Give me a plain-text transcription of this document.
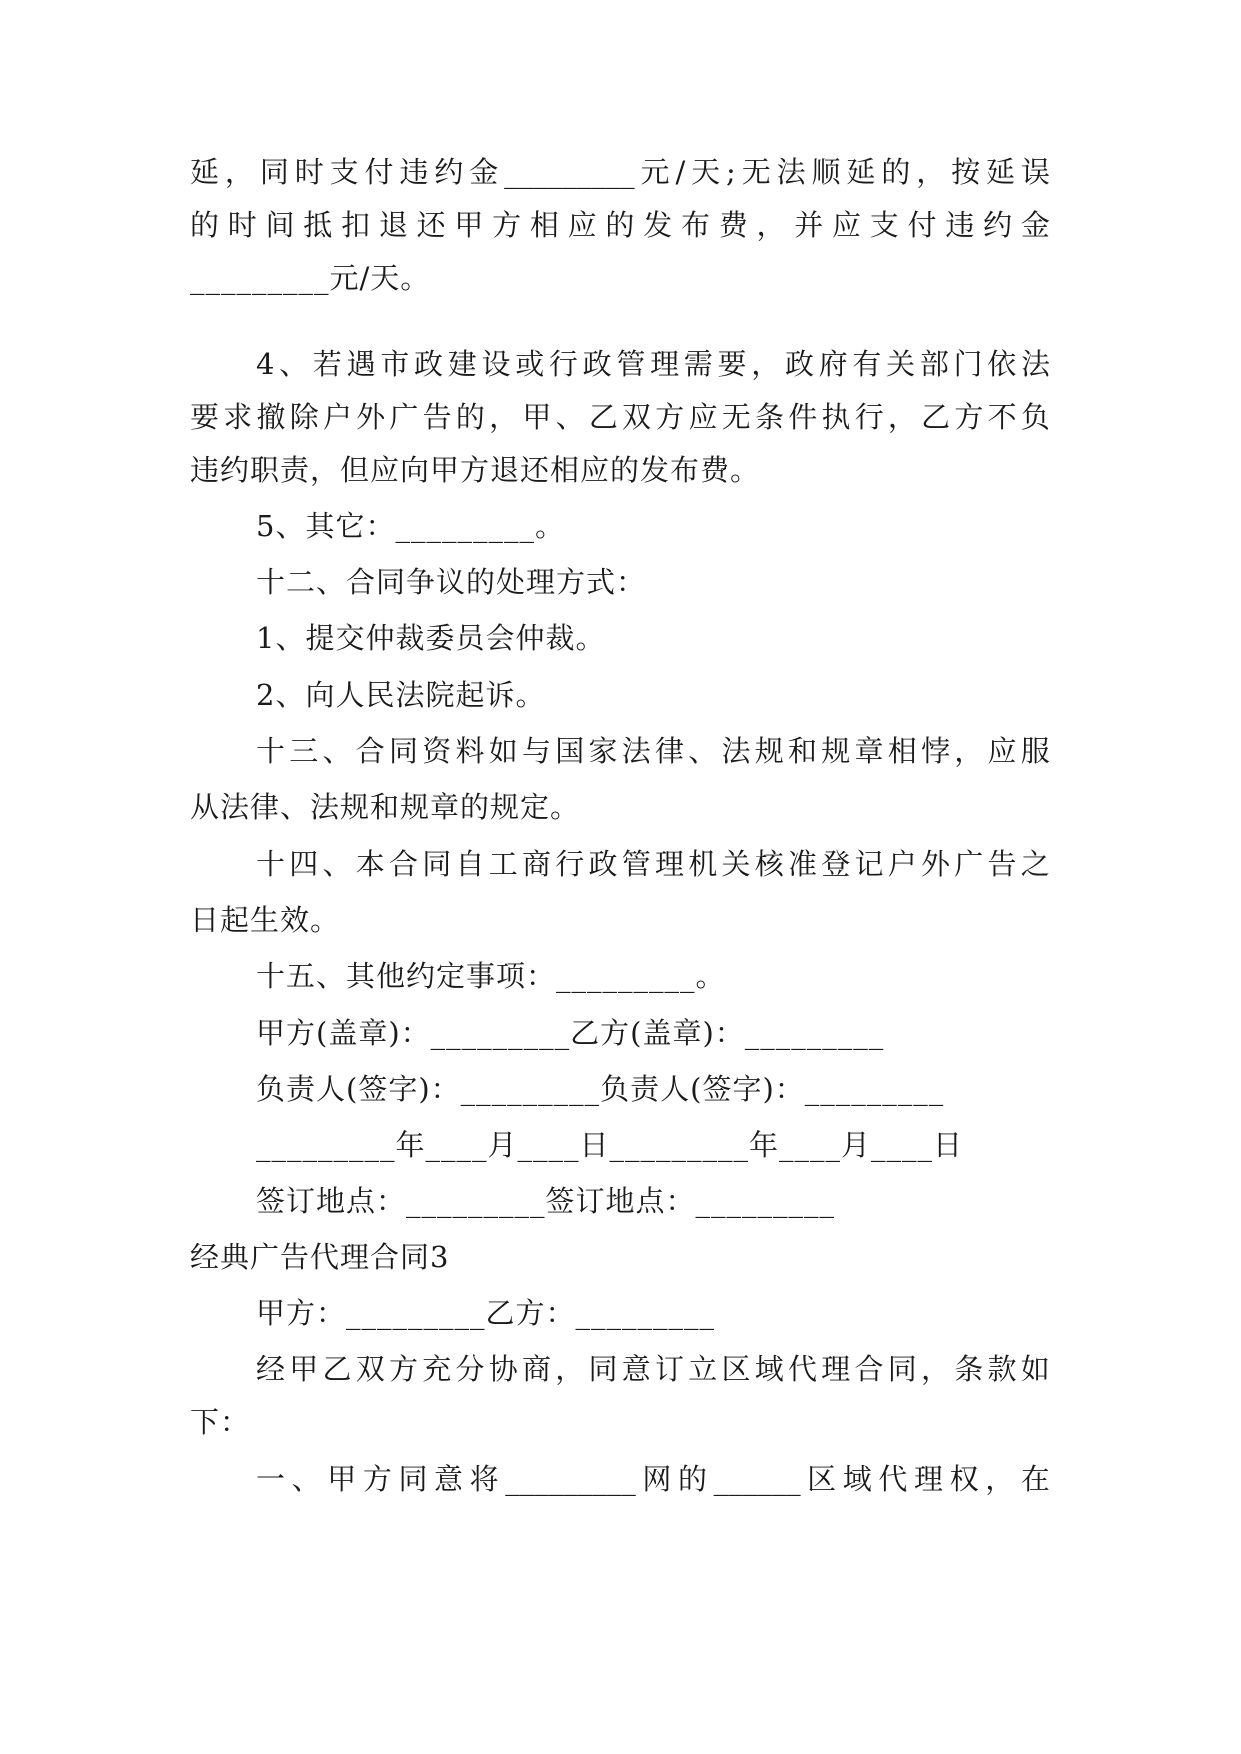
延 ， 同 时 支 付 违 约 金 _________ 元 / 天 ; 无 法 顺 延 的 ， 按 延 误
的 时 间 抵 扣 退 还 甲 方 相 应 的 发 布 费 ， 并 应 支 付 违 约 金
_________元/天。
4 、 若 遇 市 政 建 设 或 行 政 管 理 需 要 ， 政 府 有 关 部 门 依 法
要 求 撤 除 户 外 广 告 的 ， 甲 、 乙 双 方 应 无 条 件 执 行 ， 乙 方 不 负
违约职责，但应向甲方退还相应的发布费。
5、其它：_________。
十二、合同争议的处理方式：
1、提交仲裁委员会仲裁。
2、向人民法院起诉。
十 三 、 合 同 资 料 如 与 国 家 法 律 、 法 规 和 规 章 相 悖 ， 应 服
从法律、法规和规章的规定。
十 四 、 本 合 同 自 工 商 行 政 管 理 机 关 核 准 登 记 户 外 广 告 之
日起生效。
十五、其他约定事项：_________。
甲方(盖章)：_________乙方(盖章)：_________
负责人(签字)：_________负责人(签字)：_________
_________年____月____日_________年____月____日
签订地点：_________签订地点：_________
经典广告代理合同3
甲方：_________乙方：_________
经 甲 乙 双 方 充 分 协 商 ， 同 意 订 立 区 域 代 理 合 同 ， 条 款 如
下：
一 、 甲 方 同 意 将 _________ 网 的 ______ 区 域 代 理 权 ， 在
